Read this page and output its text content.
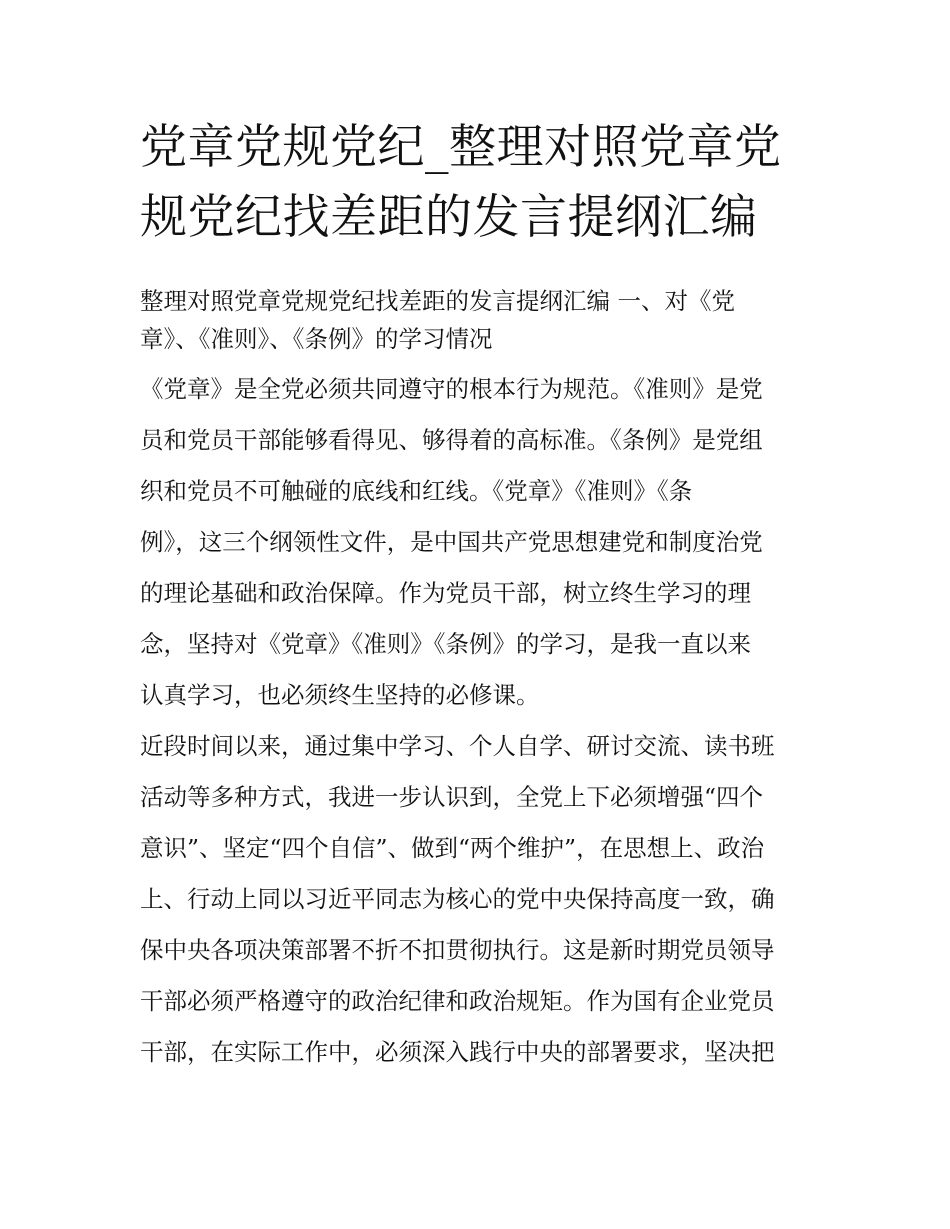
党章党规党纪_整理对照党章党
规党纪找差距的发言提纲汇编
整理对照党章党规党纪找差距的发言提纲汇编 一、对《党
章》、《准则》、《条例》的学习情况
《党章》是全党必须共同遵守的根本行为规范。《准则》是党
员和党员干部能够看得见、够得着的高标准。《条例》是党组
织和党员不可触碰的底线和红线。《党章》《准则》《条
例》，这三个纲领性文件，是中国共产党思想建党和制度治党
的理论基础和政治保障。作为党员干部，树立终生学习的理
念，坚持对《党章》《准则》《条例》的学习，是我一直以来
认真学习，也必须终生坚持的必修课。
近段时间以来，通过集中学习、个人自学、研讨交流、读书班
活动等多种方式，我进一步认识到，全党上下必须增强“四个
意识”、坚定“四个自信”、做到“两个维护”，在思想上、政治
上、行动上同以习近平同志为核心的党中央保持高度一致，确
保中央各项决策部署不折不扣贯彻执行。这是新时期党员领导
干部必须严格遵守的政治纪律和政治规矩。作为国有企业党员
干部，在实际工作中，必须深入践行中央的部署要求，坚决把
